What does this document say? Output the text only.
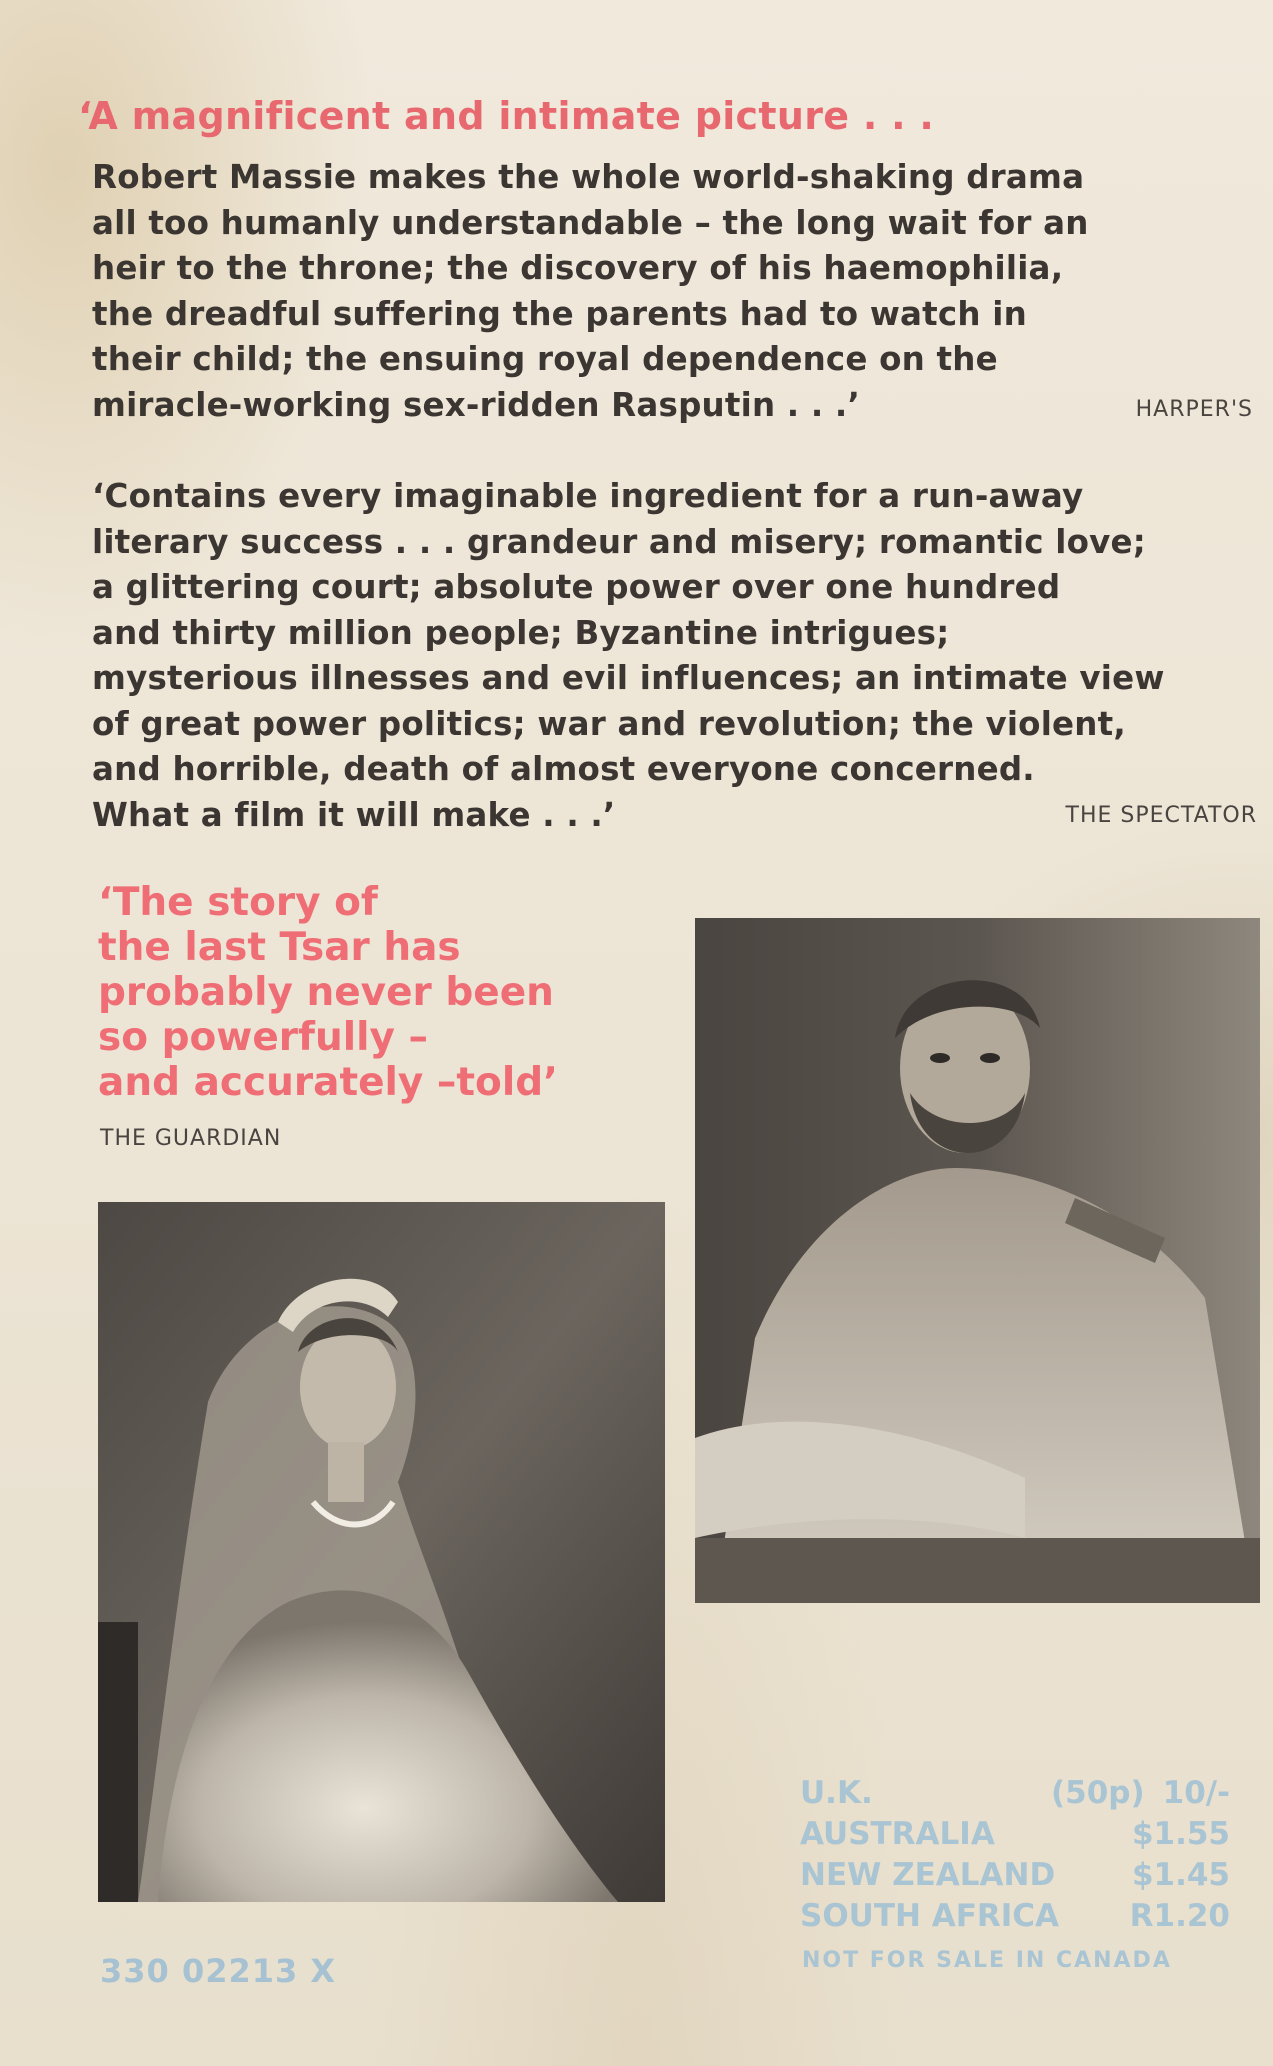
‘A magnificent and intimate picture . . .
Robert Massie makes the whole world-shaking drama
all too humanly understandable – the long wait for an
heir to the throne; the discovery of his haemophilia,
the dreadful suffering the parents had to watch in
their child; the ensuing royal dependence on the
miracle-working sex-ridden Rasputin . . .’	HARPER'S
‘Contains every imaginable ingredient for a run-away
literary success . . . grandeur and misery; romantic love;
a glittering court; absolute power over one hundred
and thirty million people; Byzantine intrigues;
mysterious illnesses and evil influences; an intimate view
of great power politics; war and revolution; the violent,
and horrible, death of almost everyone concerned.
What a film it will make . . .’	THE SPECTATOR
‘The story of
the last Tsar has
probably never been
so powerfully –
and accurately –told’
THE GUARDIAN
U.K.	(50p) 10/-
AUSTRALIA	$1.55
NEW ZEALAND $1.45
SOUTH AFRICA R1.20
NOT FOR SALE IN CANADA
330 02213 X
